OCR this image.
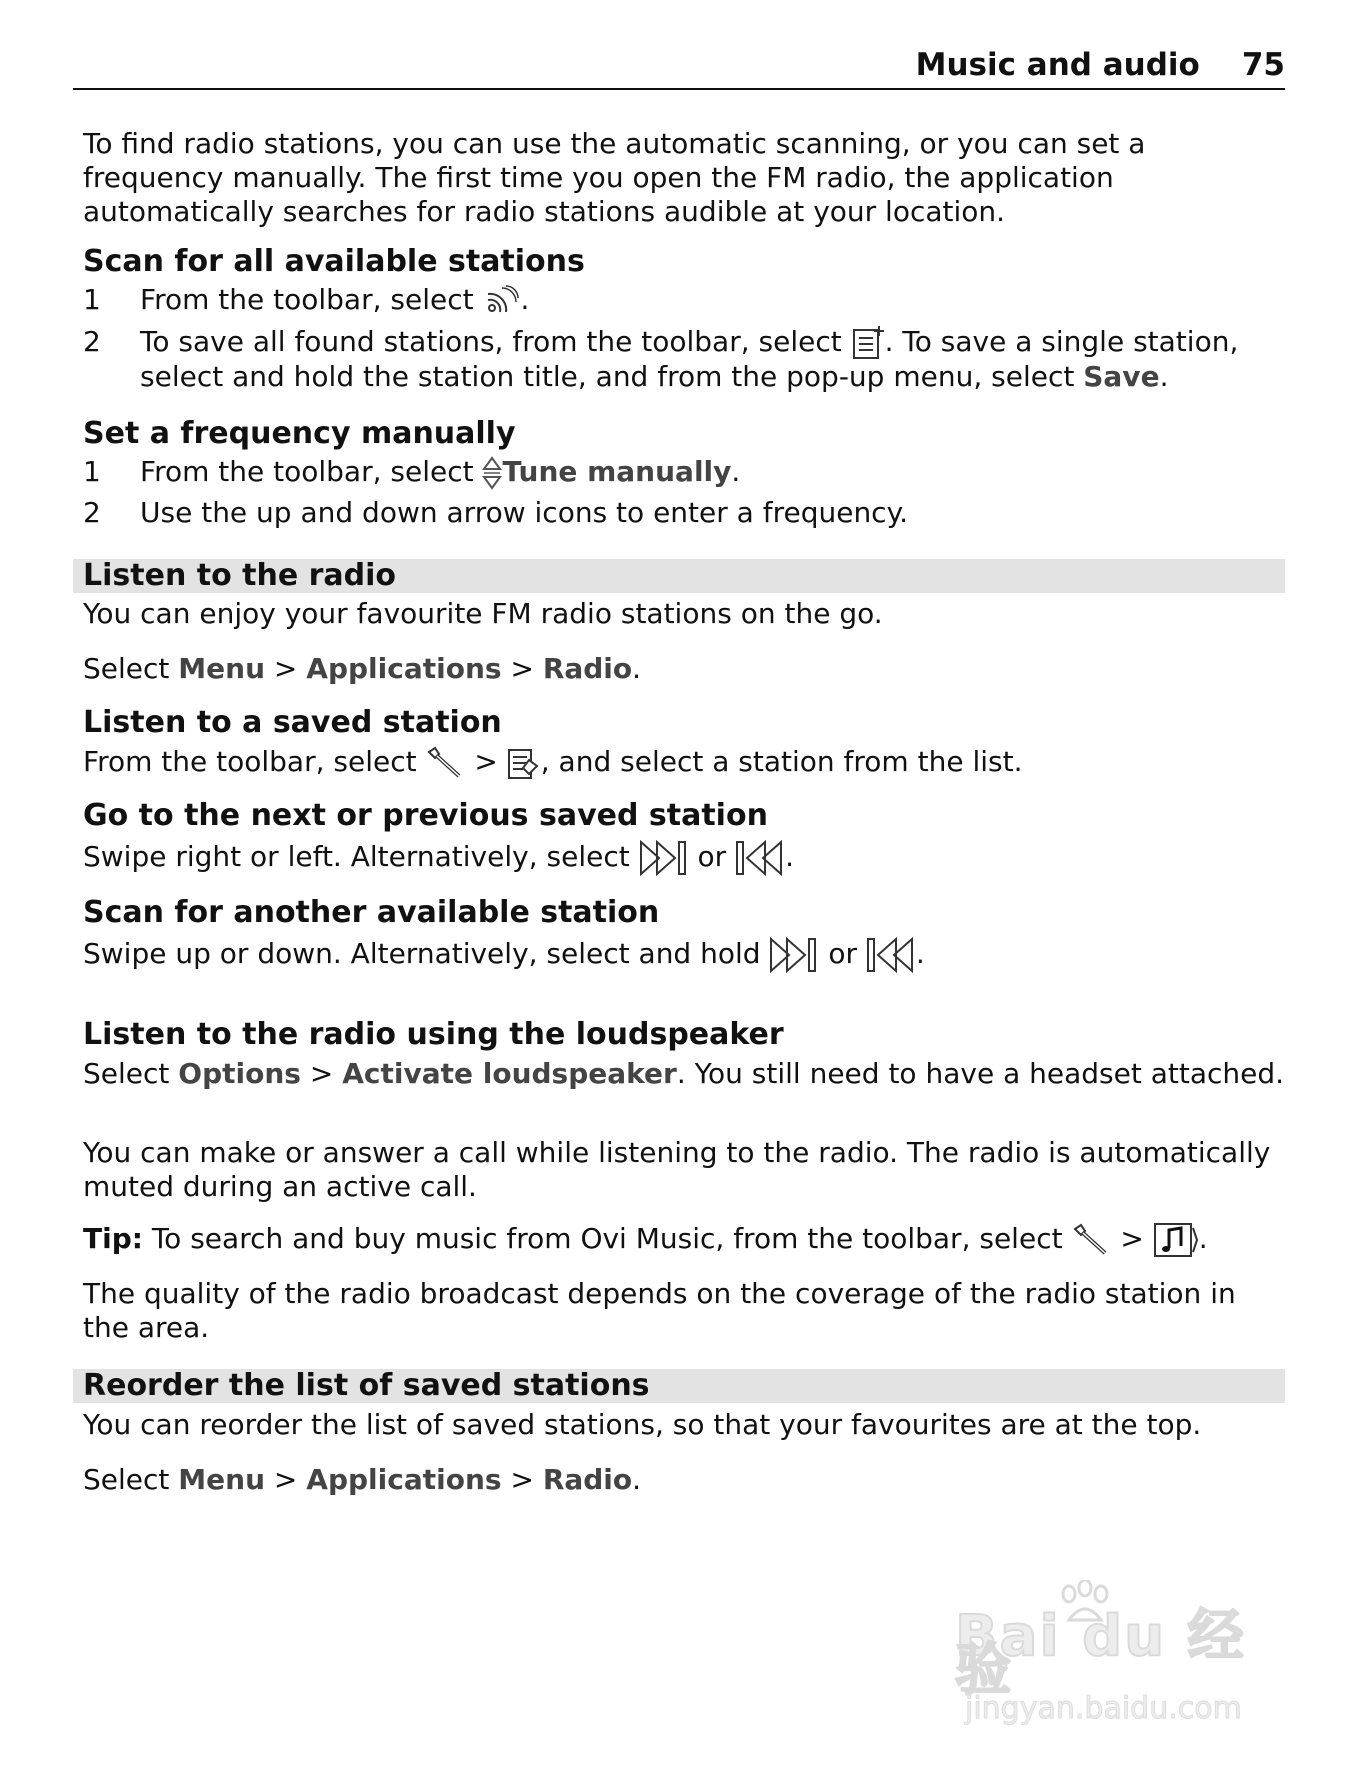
Music and audio 75
To find radio stations, you can use the automatic scanning, or you can set a frequency manually. The first time you open the FM radio, the application automatically searches for radio stations audible at your location.
Scan for all available stations
1 From the toolbar, select
.
2 To save all found stations, from the toolbar, select
. To save a single station, select and hold the station title, and from the pop-up menu, select Save.
Set a frequency manually
1 From the toolbar, select
Tune manually.
2 Use the up and down arrow icons to enter a frequency.
Listen to the radio
You can enjoy your favourite FM radio stations on the go.
Select Menu > Applications > Radio.
Listen to a saved station
From the toolbar, select
>
, and select a station from the list.
Go to the next or previous saved station
Swipe right or left. Alternatively, select
or
.
Scan for another available station
Swipe up or down. Alternatively, select and hold
or
.
Listen to the radio using the loudspeaker
Select Options > Activate loudspeaker. You still need to have a headset attached.
You can make or answer a call while listening to the radio. The radio is automatically muted during an active call.
Tip: To search and buy music from Ovi Music, from the toolbar, select
>
.
The quality of the radio broadcast depends on the coverage of the radio station in the area.
Reorder the list of saved stations
You can reorder the list of saved stations, so that your favourites are at the top.
Select Menu > Applications > Radio.
Bai du 经验
jingyan.baidu.com
